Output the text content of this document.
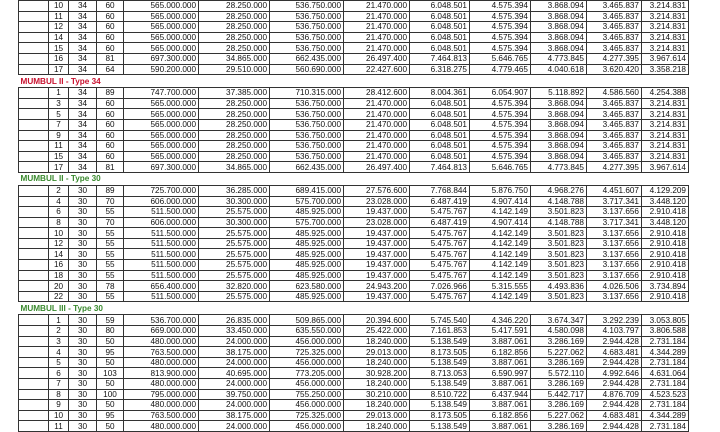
	10	34	60	565.000.000	28.250.000	536.750.000	21.470.000	6.048.501	4.575.394	3.868.094	3.465.837	3.214.831
	11	34	60	565.000.000	28.250.000	536.750.000	21.470.000	6.048.501	4.575.394	3.868.094	3.465.837	3.214.831
	12	34	60	565.000.000	28.250.000	536.750.000	21.470.000	6.048.501	4.575.394	3.868.094	3.465.837	3.214.831
	14	34	60	565.000.000	28.250.000	536.750.000	21.470.000	6.048.501	4.575.394	3.868.094	3.465.837	3.214.831
	15	34	60	565.000.000	28.250.000	536.750.000	21.470.000	6.048.501	4.575.394	3.868.094	3.465.837	3.214.831
	16	34	81	697.300.000	34.865.000	662.435.000	26.497.400	7.464.813	5.646.765	4.773.845	4.277.395	3.967.614
	17	34	64	590.200.000	29.510.000	560.690.000	22.427.600	6.318.275	4.779.465	4.040.618	3.620.420	3.358.218
MUMBUL II - Type 34												
	1	34	89	747.700.000	37.385.000	710.315.000	28.412.600	8.004.361	6.054.907	5.118.892	4.586.560	4.254.388
	3	34	60	565.000.000	28.250.000	536.750.000	21.470.000	6.048.501	4.575.394	3.868.094	3.465.837	3.214.831
	5	34	60	565.000.000	28.250.000	536.750.000	21.470.000	6.048.501	4.575.394	3.868.094	3.465.837	3.214.831
	7	34	60	565.000.000	28.250.000	536.750.000	21.470.000	6.048.501	4.575.394	3.868.094	3.465.837	3.214.831
	9	34	60	565.000.000	28.250.000	536.750.000	21.470.000	6.048.501	4.575.394	3.868.094	3.465.837	3.214.831
	11	34	60	565.000.000	28.250.000	536.750.000	21.470.000	6.048.501	4.575.394	3.868.094	3.465.837	3.214.831
	15	34	60	565.000.000	28.250.000	536.750.000	21.470.000	6.048.501	4.575.394	3.868.094	3.465.837	3.214.831
	17	34	81	697.300.000	34.865.000	662.435.000	26.497.400	7.464.813	5.646.765	4.773.845	4.277.395	3.967.614
MUMBUL II - Type 30												
	2	30	89	725.700.000	36.285.000	689.415.000	27.576.600	7.768.844	5.876.750	4.968.276	4.451.607	4.129.209
	4	30	70	606.000.000	30.300.000	575.700.000	23.028.000	6.487.419	4.907.414	4.148.788	3.717.341	3.448.120
	6	30	55	511.500.000	25.575.000	485.925.000	19.437.000	5.475.767	4.142.149	3.501.823	3.137.656	2.910.418
	8	30	70	606.000.000	30.300.000	575.700.000	23.028.000	6.487.419	4.907.414	4.148.788	3.717.341	3.448.120
	10	30	55	511.500.000	25.575.000	485.925.000	19.437.000	5.475.767	4.142.149	3.501.823	3.137.656	2.910.418
	12	30	55	511.500.000	25.575.000	485.925.000	19.437.000	5.475.767	4.142.149	3.501.823	3.137.656	2.910.418
	14	30	55	511.500.000	25.575.000	485.925.000	19.437.000	5.475.767	4.142.149	3.501.823	3.137.656	2.910.418
	16	30	55	511.500.000	25.575.000	485.925.000	19.437.000	5.475.767	4.142.149	3.501.823	3.137.656	2.910.418
	18	30	55	511.500.000	25.575.000	485.925.000	19.437.000	5.475.767	4.142.149	3.501.823	3.137.656	2.910.418
	20	30	78	656.400.000	32.820.000	623.580.000	24.943.200	7.026.966	5.315.555	4.493.836	4.026.506	3.734.894
	22	30	55	511.500.000	25.575.000	485.925.000	19.437.000	5.475.767	4.142.149	3.501.823	3.137.656	2.910.418
MUMBUL III - Type 30												
	1	30	59	536.700.000	26.835.000	509.865.000	20.394.600	5.745.540	4.346.220	3.674.347	3.292.239	3.053.805
	2	30	80	669.000.000	33.450.000	635.550.000	25.422.000	7.161.853	5.417.591	4.580.098	4.103.797	3.806.588
	3	30	50	480.000.000	24.000.000	456.000.000	18.240.000	5.138.549	3.887.061	3.286.169	2.944.428	2.731.184
	4	30	95	763.500.000	38.175.000	725.325.000	29.013.000	8.173.505	6.182.856	5.227.062	4.683.481	4.344.289
	5	30	50	480.000.000	24.000.000	456.000.000	18.240.000	5.138.549	3.887.061	3.286.169	2.944.428	2.731.184
	6	30	103	813.900.000	40.695.000	773.205.000	30.928.200	8.713.053	6.590.997	5.572.110	4.992.646	4.631.064
	7	30	50	480.000.000	24.000.000	456.000.000	18.240.000	5.138.549	3.887.061	3.286.169	2.944.428	2.731.184
	8	30	100	795.000.000	39.750.000	755.250.000	30.210.000	8.510.722	6.437.944	5.442.717	4.876.709	4.523.523
	9	30	50	480.000.000	24.000.000	456.000.000	18.240.000	5.138.549	3.887.061	3.286.169	2.944.428	2.731.184
	10	30	95	763.500.000	38.175.000	725.325.000	29.013.000	8.173.505	6.182.856	5.227.062	4.683.481	4.344.289
	11	30	50	480.000.000	24.000.000	456.000.000	18.240.000	5.138.549	3.887.061	3.286.169	2.944.428	2.731.184
